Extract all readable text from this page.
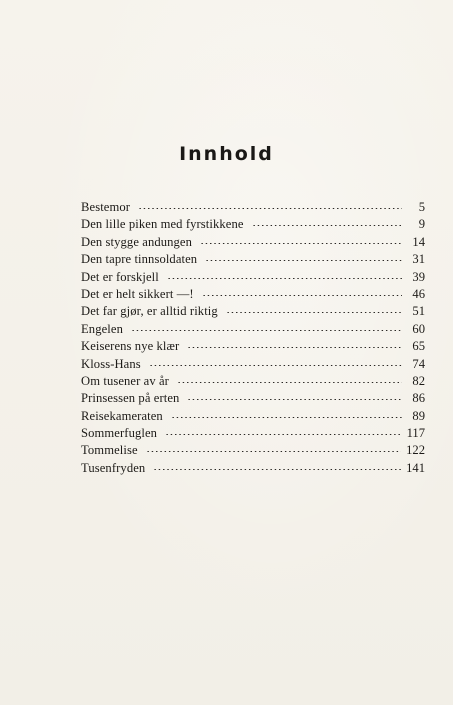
Innhold
Bestemor	5
Den lille piken med fyrstikkene	9
Den stygge andungen	14
Den tapre tinnsoldaten	31
Det er forskjell	39
Det er helt sikkert —!	46
Det far gjør, er alltid riktig	51
Engelen	60
Keiserens nye klær	65
Kloss-Hans	74
Om tusener av år	82
Prinsessen på erten	86
Reisekameraten	89
Sommerfuglen	117
Tommelise	122
Tusenfryden	141
